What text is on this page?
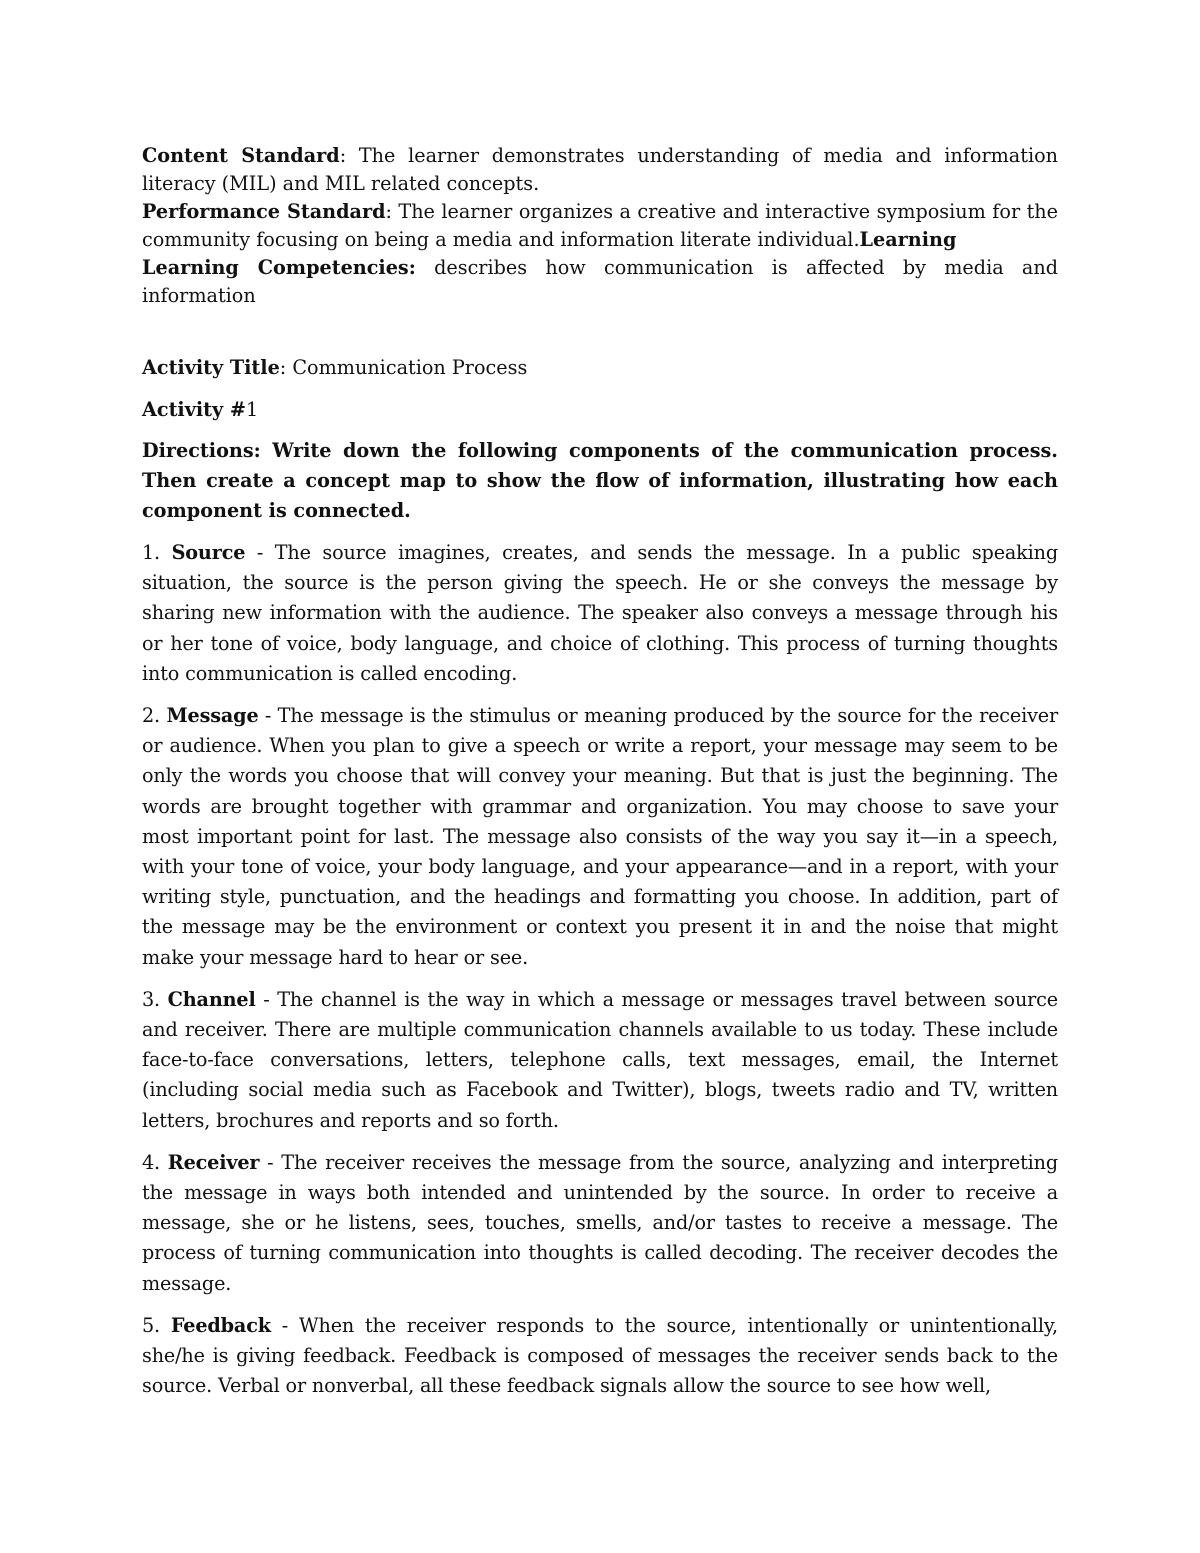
Content Standard: The learner demonstrates understanding of media and information literacy (MIL) and MIL related concepts.
Performance Standard: The learner organizes a creative and interactive symposium for the community focusing on being a media and information literate individual.Learning
Learning Competencies: describes how communication is affected by media and information

Activity Title: Communication Process

Activity #1

Directions: Write down the following components of the communication process. Then create a concept map to show the flow of information, illustrating how each component is connected.

1. Source - The source imagines, creates, and sends the message. In a public speaking situation, the source is the person giving the speech. He or she conveys the message by sharing new information with the audience. The speaker also conveys a message through his or her tone of voice, body language, and choice of clothing. This process of turning thoughts into communication is called encoding.

2. Message - The message is the stimulus or meaning produced by the source for the receiver or audience. When you plan to give a speech or write a report, your message may seem to be only the words you choose that will convey your meaning. But that is just the beginning. The words are brought together with grammar and organization. You may choose to save your most important point for last. The message also consists of the way you say it—in a speech, with your tone of voice, your body language, and your appearance—and in a report, with your writing style, punctuation, and the headings and formatting you choose. In addition, part of the message may be the environment or context you present it in and the noise that might make your message hard to hear or see.

3. Channel - The channel is the way in which a message or messages travel between source and receiver. There are multiple communication channels available to us today. These include face-to-face conversations, letters, telephone calls, text messages, email, the Internet (including social media such as Facebook and Twitter), blogs, tweets radio and TV, written letters, brochures and reports and so forth.

4. Receiver - The receiver receives the message from the source, analyzing and interpreting the message in ways both intended and unintended by the source. In order to receive a message, she or he listens, sees, touches, smells, and/or tastes to receive a message. The process of turning communication into thoughts is called decoding. The receiver decodes the message.

5. Feedback - When the receiver responds to the source, intentionally or unintentionally, she/he is giving feedback. Feedback is composed of messages the receiver sends back to the source. Verbal or nonverbal, all these feedback signals allow the source to see how well,
